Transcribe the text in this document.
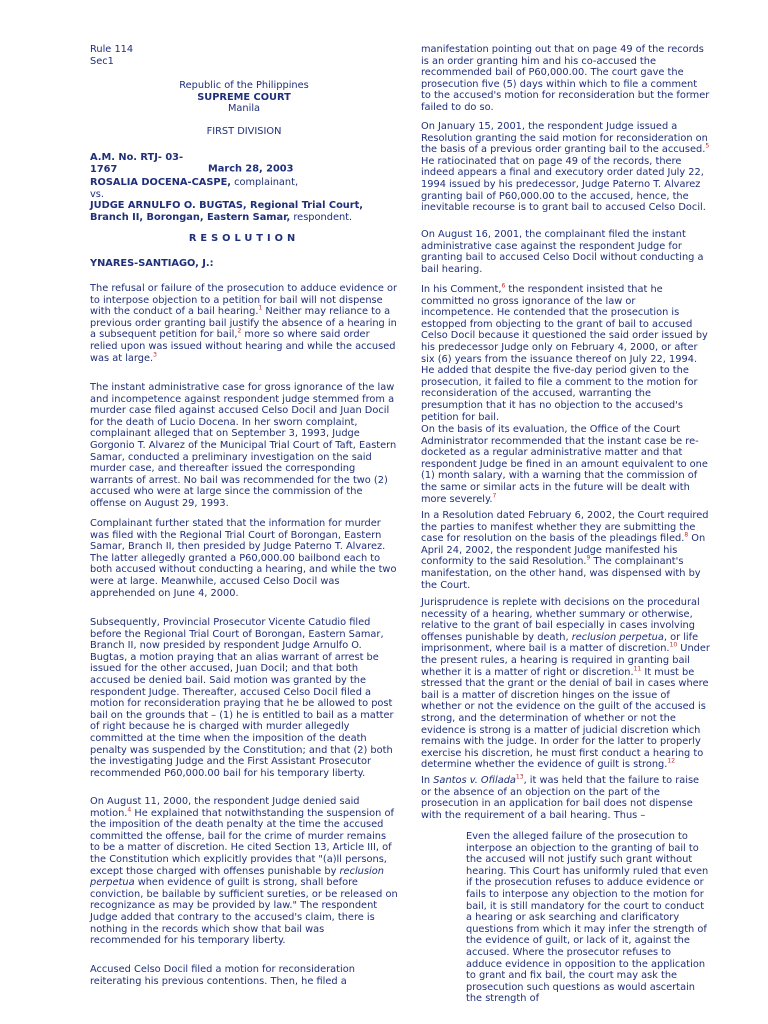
Rule 114

Sec1

Republic of the Philippines

SUPREME COURT

Manila

FIRST DIVISION

A.M. No. RTJ- 03-1767	March 28, 2003

ROSALIA DOCENA-CASPE, complainant,

vs.

JUDGE ARNULFO O. BUGTAS, Regional Trial Court, Branch II, Borongan, Eastern Samar, respondent.

RESOLUTION

YNARES-SANTIAGO, J.:

The refusal or failure of the prosecution to adduce evidence or to interpose objection to a petition for bail will not dispense with the conduct of a bail hearing.$^1$ Neither may reliance to a previous order granting bail justify the absence of a hearing in a subsequent petition for bail,$^2$ more so where said order relied upon was issued without hearing and while the accused was at large.$^3$

The instant administrative case for gross ignorance of the law and incompetence against respondent judge stemmed from a murder case filed against accused Celso Docil and Juan Docil for the death of Lucio Docena. In her sworn complaint, complainant alleged that on September 3, 1993, Judge Gorgonio T. Alvarez of the Municipal Trial Court of Taft, Eastern Samar, conducted a preliminary investigation on the said murder case, and thereafter issued the corresponding warrants of arrest. No bail was recommended for the two (2) accused who were at large since the commission of the offense on August 29, 1993.

Complainant further stated that the information for murder was filed with the Regional Trial Court of Borongan, Eastern Samar, Branch II, then presided by Judge Paterno T. Alvarez. The latter allegedly granted a P60,000.00 bailbond each to both accused without conducting a hearing, and while the two were at large. Meanwhile, accused Celso Docil was apprehended on June 4, 2000.

Subsequently, Provincial Prosecutor Vicente Catudio filed before the Regional Trial Court of Borongan, Eastern Samar, Branch II, now presided by respondent Judge Arnulfo O. Bugtas, a motion praying that an alias warrant of arrest be issued for the other accused, Juan Docil; and that both accused be denied bail. Said motion was granted by the respondent Judge. Thereafter, accused Celso Docil filed a motion for reconsideration praying that he be allowed to post bail on the grounds that – (1) he is entitled to bail as a matter of right because he is charged with murder allegedly committed at the time when the imposition of the death penalty was suspended by the Constitution; and that (2) both the investigating Judge and the First Assistant Prosecutor recommended P60,000.00 bail for his temporary liberty.

On August 11, 2000, the respondent Judge denied said motion.$^4$ He explained that notwithstanding the suspension of the imposition of the death penalty at the time the accused committed the offense, bail for the crime of murder remains to be a matter of discretion. He cited Section 13, Article III, of the Constitution which explicitly provides that "(a)ll persons, except those charged with offenses punishable by reclusion perpetua when evidence of guilt is strong, shall before conviction, be bailable by sufficient sureties, or be released on recognizance as may be provided by law." The respondent Judge added that contrary to the accused's claim, there is nothing in the records which show that bail was recommended for his temporary liberty.

Accused Celso Docil filed a motion for reconsideration reiterating his previous contentions. Then, he filed a

manifestation pointing out that on page 49 of the records is an order granting him and his co-accused the recommended bail of P60,000.00. The court gave the prosecution five (5) days within which to file a comment to the accused's motion for reconsideration but the former failed to do so.

On January 15, 2001, the respondent Judge issued a Resolution granting the said motion for reconsideration on the basis of a previous order granting bail to the accused.$^5$ He ratiocinated that on page 49 of the records, there indeed appears a final and executory order dated July 22, 1994 issued by his predecessor, Judge Paterno T. Alvarez granting bail of P60,000.00 to the accused, hence, the inevitable recourse is to grant bail to accused Celso Docil.

On August 16, 2001, the complainant filed the instant administrative case against the respondent Judge for granting bail to accused Celso Docil without conducting a bail hearing.

In his Comment,$^6$ the respondent insisted that he committed no gross ignorance of the law or incompetence. He contended that the prosecution is estopped from objecting to the grant of bail to accused Celso Docil because it questioned the said order issued by his predecessor Judge only on February 4, 2000, or after six (6) years from the issuance thereof on July 22, 1994. He added that despite the five-day period given to the prosecution, it failed to file a comment to the motion for reconsideration of the accused, warranting the presumption that it has no objection to the accused's petition for bail.

On the basis of its evaluation, the Office of the Court Administrator recommended that the instant case be re-docketed as a regular administrative matter and that respondent Judge be fined in an amount equivalent to one (1) month salary, with a warning that the commission of the same or similar acts in the future will be dealt with more severely.$^7$

In a Resolution dated February 6, 2002, the Court required the parties to manifest whether they are submitting the case for resolution on the basis of the pleadings filed.$^8$ On April 24, 2002, the respondent Judge manifested his conformity to the said Resolution.$^9$ The complainant's manifestation, on the other hand, was dispensed with by the Court.

Jurisprudence is replete with decisions on the procedural necessity of a hearing, whether summary or otherwise, relative to the grant of bail especially in cases involving offenses punishable by death, reclusion perpetua, or life imprisonment, where bail is a matter of discretion.$^{10}$ Under the present rules, a hearing is required in granting bail whether it is a matter of right or discretion.$^{11}$ It must be stressed that the grant or the denial of bail in cases where bail is a matter of discretion hinges on the issue of whether or not the evidence on the guilt of the accused is strong, and the determination of whether or not the evidence is strong is a matter of judicial discretion which remains with the judge. In order for the latter to properly exercise his discretion, he must first conduct a hearing to determine whether the evidence of guilt is strong.$^{12}$

In Santos v. Ofilada$^{13}$, it was held that the failure to raise or the absence of an objection on the part of the prosecution in an application for bail does not dispense with the requirement of a bail hearing. Thus –

Even the alleged failure of the prosecution to interpose an objection to the granting of bail to the accused will not justify such grant without hearing. This Court has uniformly ruled that even if the prosecution refuses to adduce evidence or fails to interpose any objection to the motion for bail, it is still mandatory for the court to conduct a hearing or ask searching and clarificatory questions from which it may infer the strength of the evidence of guilt, or lack of it, against the accused. Where the prosecutor refuses to adduce evidence in opposition to the application to grant and fix bail, the court may ask the prosecution such questions as would ascertain the strength of
